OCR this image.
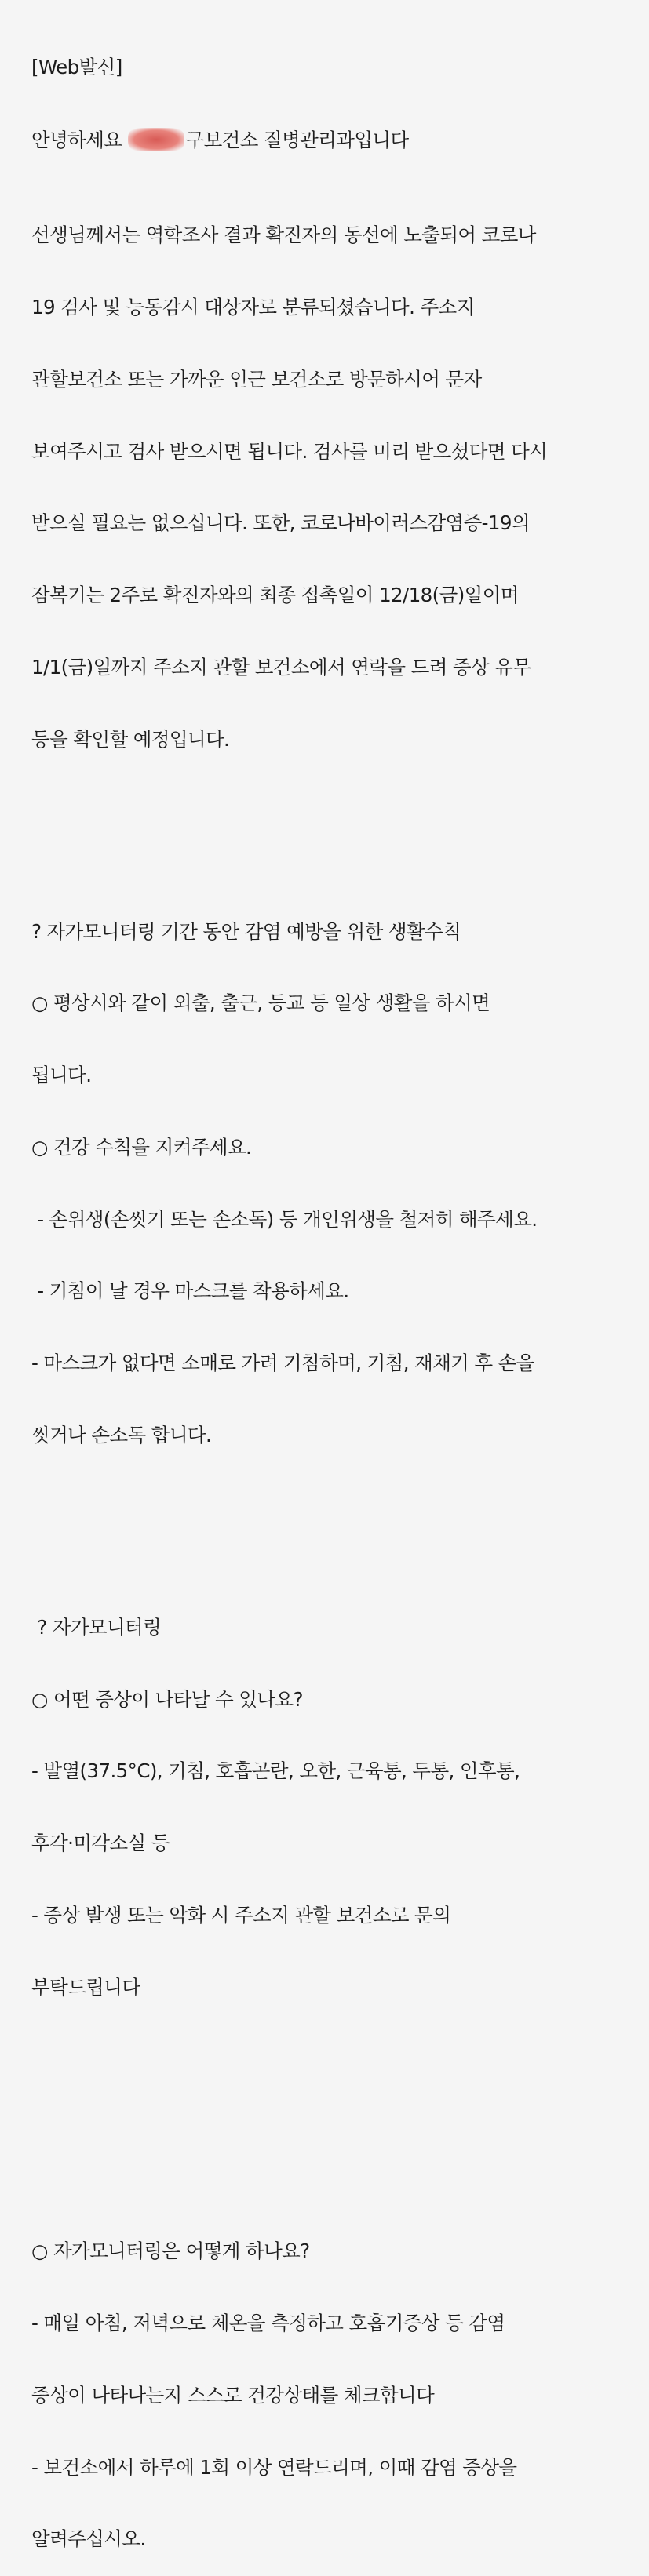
[Web발신]

안녕하세요	구보건소 질병관리과입니다

선생님께서는 역학조사 결과 확진자의 동선에 노출되어 코로나

19 검사 및 능동감시 대상자로 분류되셨습니다. 주소지

관할보건소 또는 가까운 인근 보건소로 방문하시어 문자

보여주시고 검사 받으시면 됩니다. 검사를 미리 받으셨다면 다시

받으실 필요는 없으십니다. 또한, 코로나바이러스감염증-19의

잠복기는 2주로 확진자와의 최종 접촉일이 12/18(금)일이며

1/1(금)일까지 주소지 관할 보건소에서 연락을 드려 증상 유무

등을 확인할 예정입니다.

? 자가모니터링 기간 동안 감염 예방을 위한 생활수칙

○ 평상시와 같이 외출, 출근, 등교 등 일상 생활을 하시면

됩니다.

○ 건강 수칙을 지켜주세요.

- 손위생(손씻기 또는 손소독) 등 개인위생을 철저히 해주세요.

- 기침이 날 경우 마스크를 착용하세요.

- 마스크가 없다면 소매로 가려 기침하며, 기침, 재채기 후 손을

씻거나 손소독 합니다.

? 자가모니터링

○ 어떤 증상이 나타날 수 있나요?

- 발열(37.5°C), 기침, 호흡곤란, 오한, 근육통, 두통, 인후통,

후각·미각소실 등

- 증상 발생 또는 악화 시 주소지 관할 보건소로 문의

부탁드립니다

○ 자가모니터링은 어떻게 하나요?

- 매일 아침, 저녁으로 체온을 측정하고 호흡기증상 등 감염

증상이 나타나는지 스스로 건강상태를 체크합니다

- 보건소에서 하루에 1회 이상 연락드리며, 이때 감염 증상을

알려주십시오.
